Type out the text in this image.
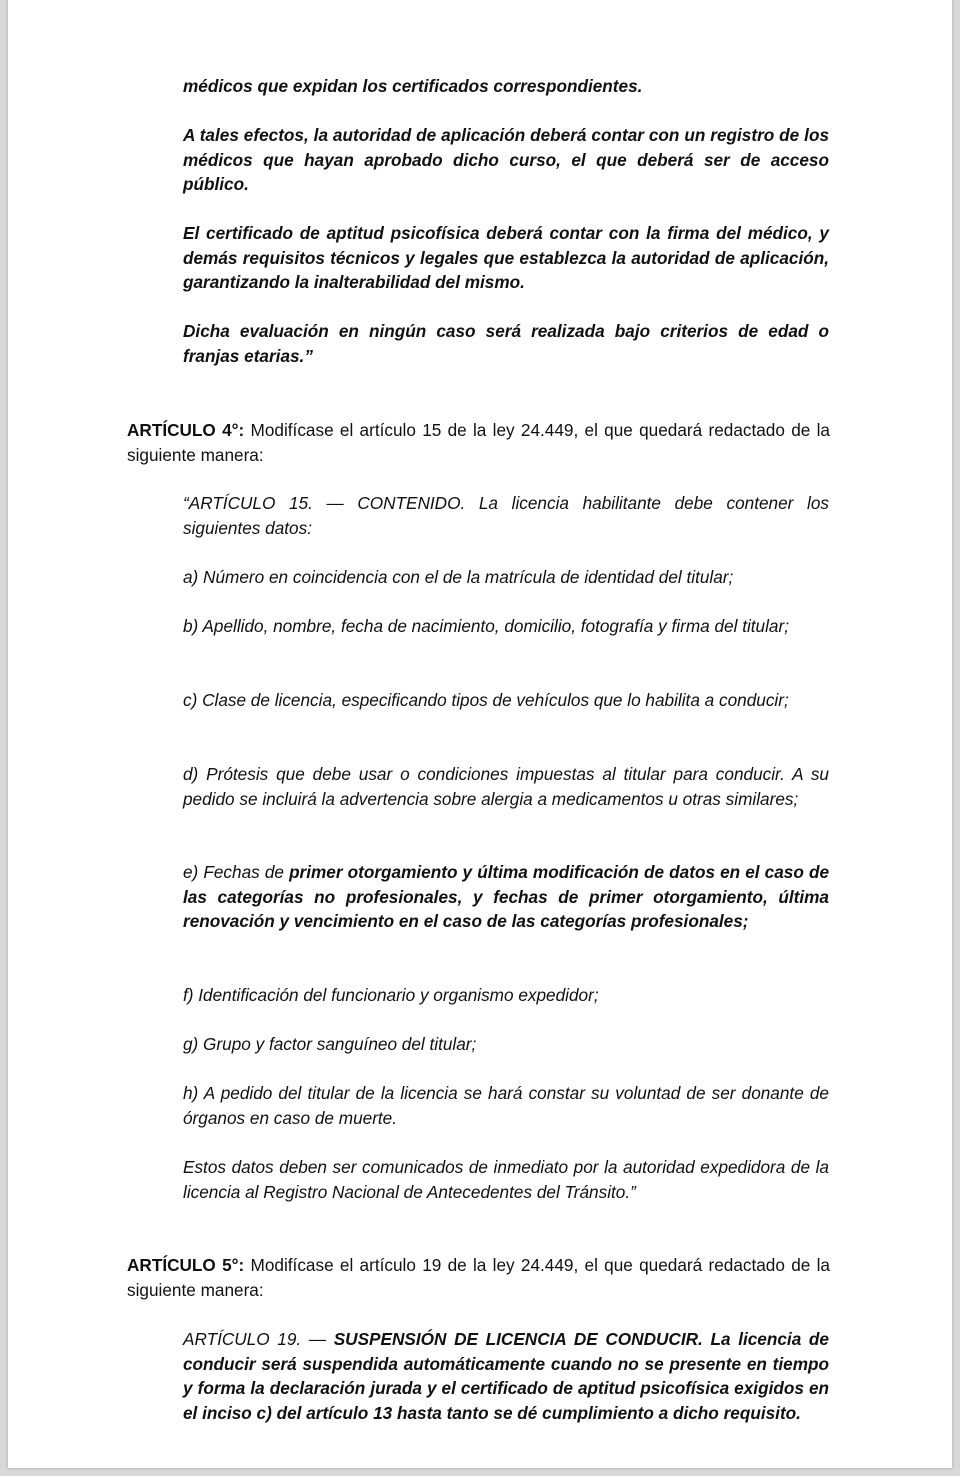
médicos que expidan los certificados correspondientes.

A tales efectos, la autoridad de aplicación deberá contar con un registro de los médicos que hayan aprobado dicho curso, el que deberá ser de acceso público.

El certificado de aptitud psicofísica deberá contar con la firma del médico, y demás requisitos técnicos y legales que establezca la autoridad de aplicación, garantizando la inalterabilidad del mismo.

Dicha evaluación en ningún caso será realizada bajo criterios de edad o franjas etarias.”

ARTÍCULO 4°: Modifícase el artículo 15 de la ley 24.449, el que quedará redactado de la siguiente manera:

“ARTÍCULO 15. — CONTENIDO. La licencia habilitante debe contener los siguientes datos:

a) Número en coincidencia con el de la matrícula de identidad del titular;

b) Apellido, nombre, fecha de nacimiento, domicilio, fotografía y firma del titular;

c) Clase de licencia, especificando tipos de vehículos que lo habilita a conducir;

d) Prótesis que debe usar o condiciones impuestas al titular para conducir. A su pedido se incluirá la advertencia sobre alergia a medicamentos u otras similares;

e) Fechas de primer otorgamiento y última modificación de datos en el caso de las categorías no profesionales, y fechas de primer otorgamiento, última renovación y vencimiento en el caso de las categorías profesionales;

f) Identificación del funcionario y organismo expedidor;

g) Grupo y factor sanguíneo del titular;

h) A pedido del titular de la licencia se hará constar su voluntad de ser donante de órganos en caso de muerte.

Estos datos deben ser comunicados de inmediato por la autoridad expedidora de la licencia al Registro Nacional de Antecedentes del Tránsito.”

ARTÍCULO 5°: Modifícase el artículo 19 de la ley 24.449, el que quedará redactado de la siguiente manera:

ARTÍCULO 19. — SUSPENSIÓN DE LICENCIA DE CONDUCIR. La licencia de conducir será suspendida automáticamente cuando no se presente en tiempo y forma la declaración jurada y el certificado de aptitud psicofísica exigidos en el inciso c) del artículo 13 hasta tanto se dé cumplimiento a dicho requisito.
